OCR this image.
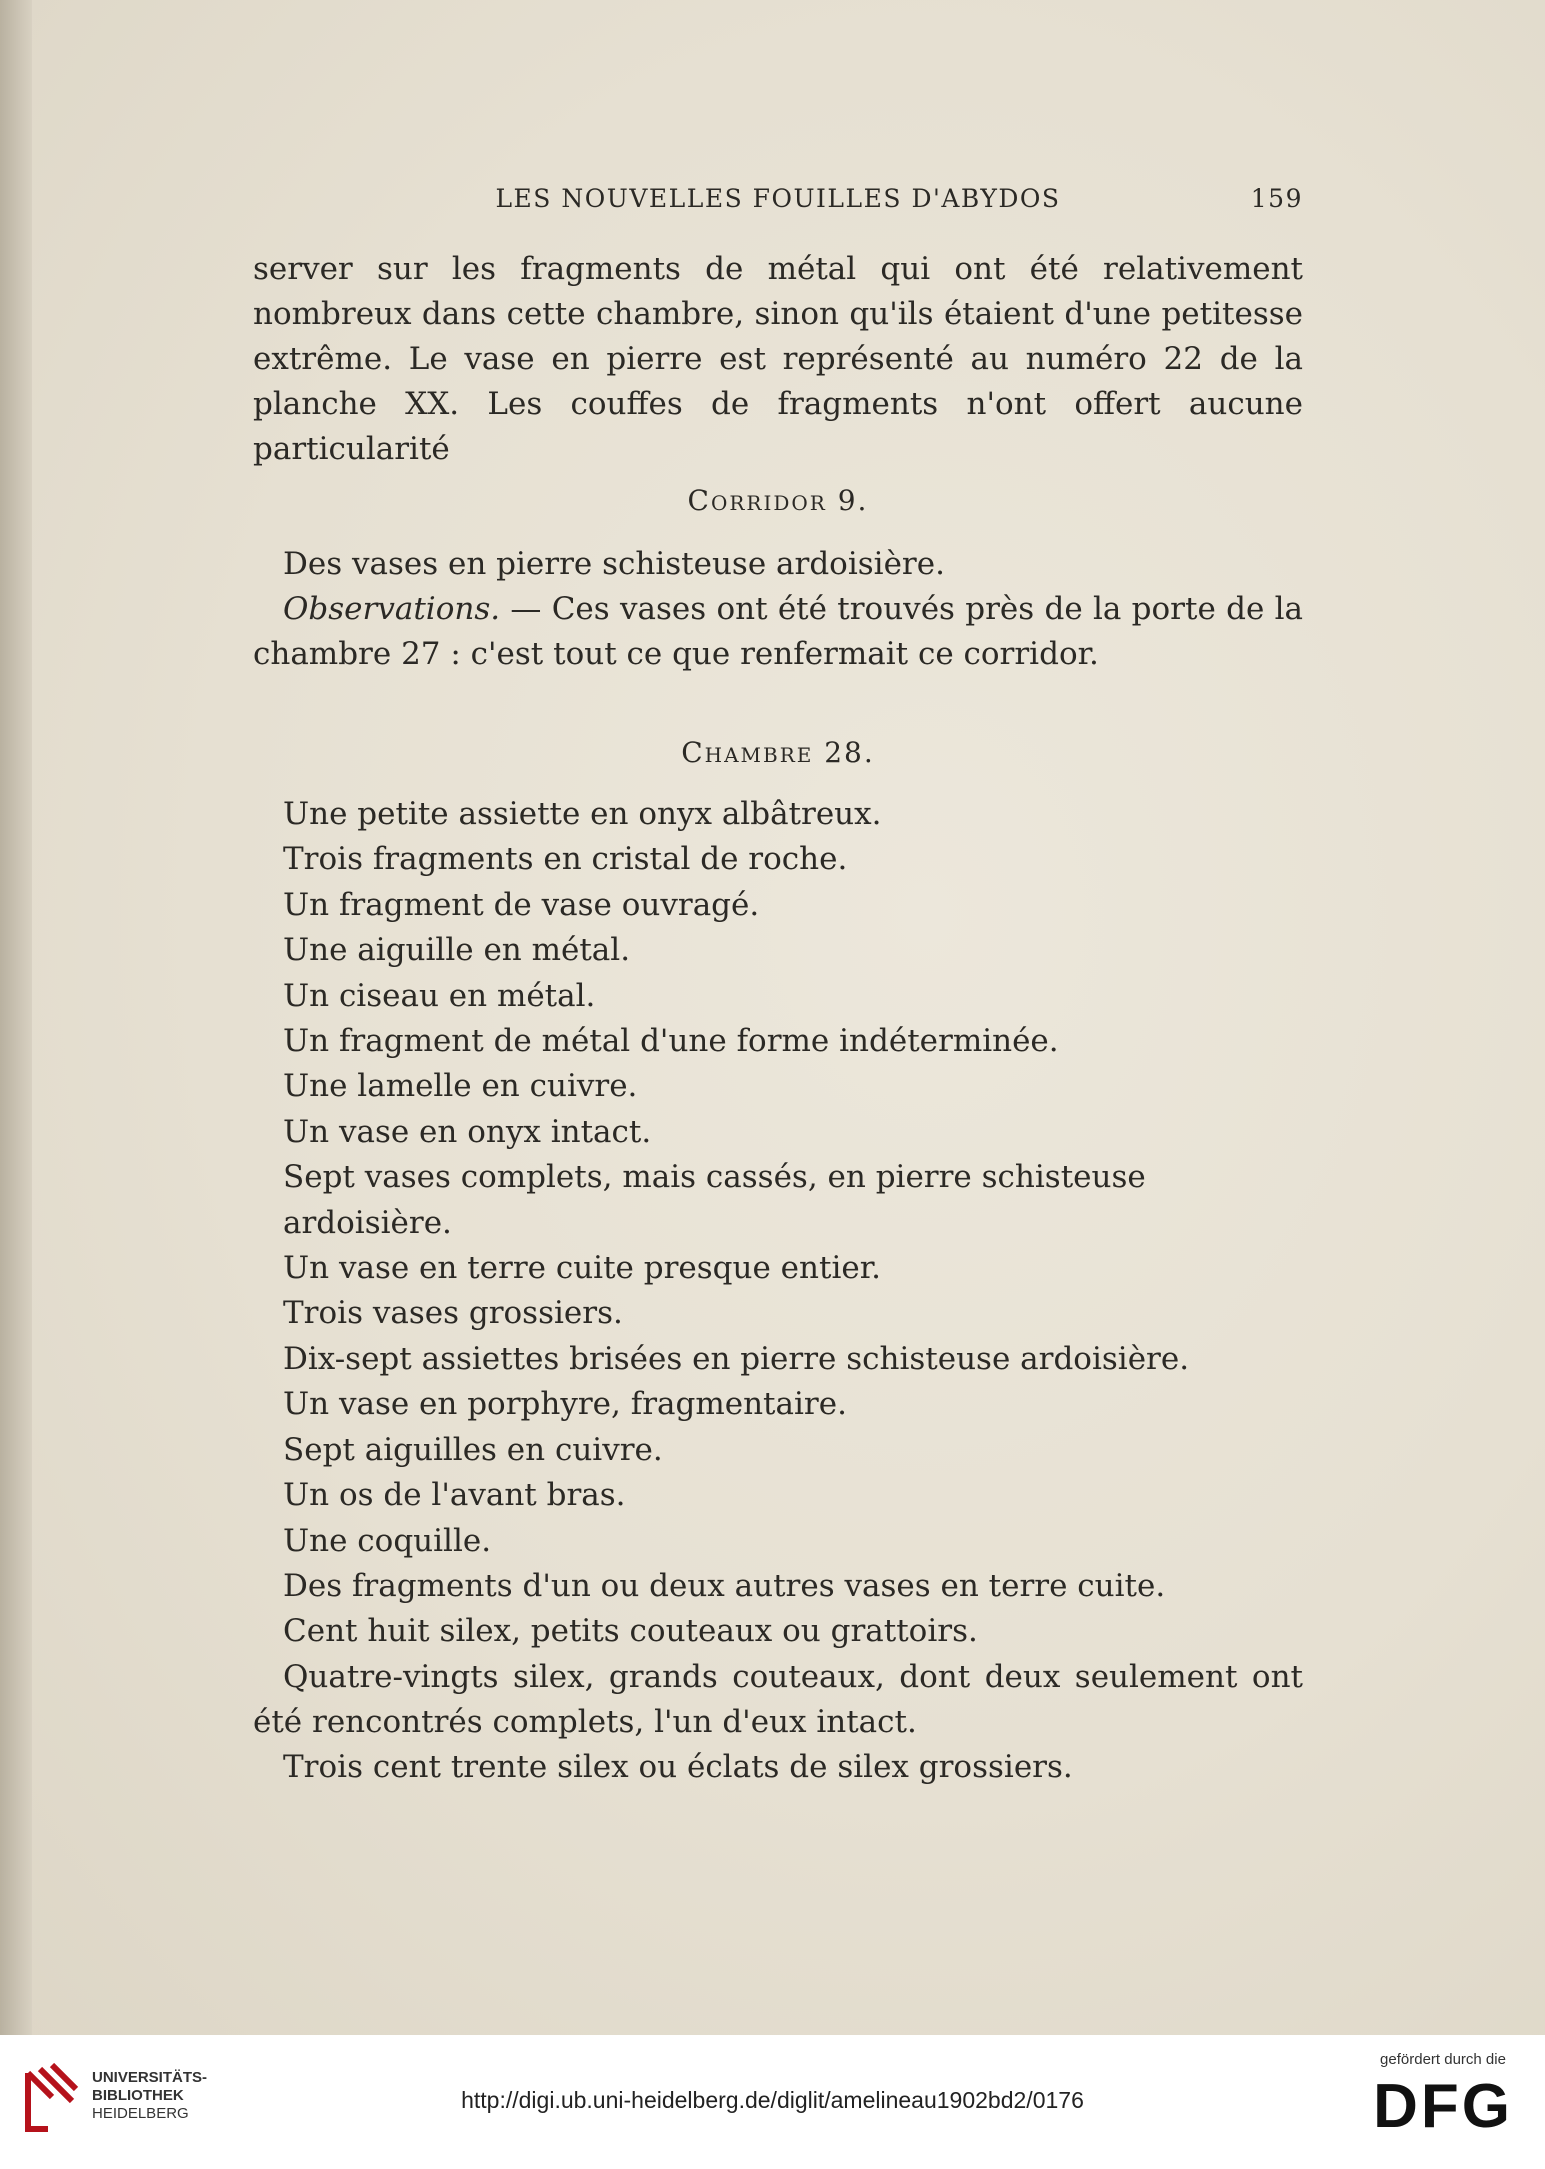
LES NOUVELLES FOUILLES D'ABYDOS	159

server sur les fragments de métal qui ont été relativement nombreux dans cette chambre, sinon qu'ils étaient d'une petitesse extrême. Le vase en pierre est représenté au numéro 22 de la planche XX. Les couffes de fragments n'ont offert aucune particularité

Corridor 9.

Des vases en pierre schisteuse ardoisière.

Observations. — Ces vases ont été trouvés près de la porte de la chambre 27 : c'est tout ce que renfermait ce corridor.

Chambre 28.

Une petite assiette en onyx albâtreux.

Trois fragments en cristal de roche.

Un fragment de vase ouvragé.

Une aiguille en métal.

Un ciseau en métal.

Un fragment de métal d'une forme indéterminée.

Une lamelle en cuivre.

Un vase en onyx intact.

Sept vases complets, mais cassés, en pierre schisteuse ardoisière.

Un vase en terre cuite presque entier.

Trois vases grossiers.

Dix-sept assiettes brisées en pierre schisteuse ardoisière.

Un vase en porphyre, fragmentaire.

Sept aiguilles en cuivre.

Un os de l'avant bras.

Une coquille.

Des fragments d'un ou deux autres vases en terre cuite.

Cent huit silex, petits couteaux ou grattoirs.

Quatre-vingts silex, grands couteaux, dont deux seulement ont été rencontrés complets, l'un d'eux intact.

Trois cent trente silex ou éclats de silex grossiers.

UNIVERSITÄTS-
BIBLIOTHEK
HEIDELBERG
http://digi.ub.uni-heidelberg.de/diglit/amelineau1902bd2/0176
gefördert durch die
DFG
